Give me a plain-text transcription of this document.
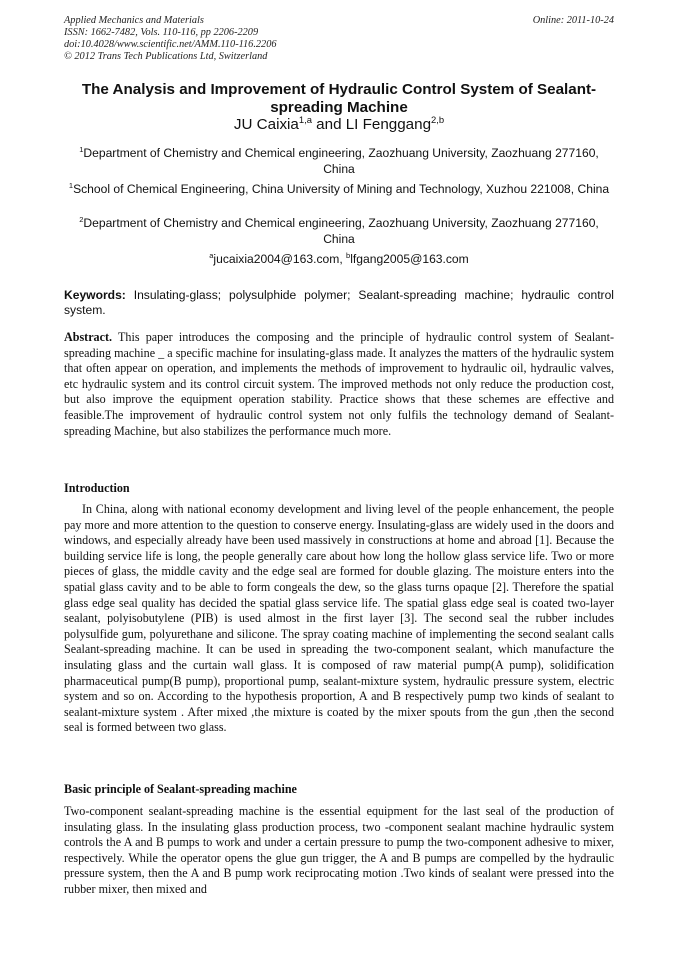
Applied Mechanics and Materials
ISSN: 1662-7482, Vols. 110-116, pp 2206-2209
doi:10.4028/www.scientific.net/AMM.110-116.2206
© 2012 Trans Tech Publications Ltd, Switzerland
Online: 2011-10-24
The Analysis and Improvement of Hydraulic Control System of Sealant-spreading Machine
JU Caixia$^{1,a}$ and LI Fenggang$^{2,b}$
$^1$Department of Chemistry and Chemical engineering, Zaozhuang University, Zaozhuang 277160, China
$^1$School of Chemical Engineering, China University of Mining and Technology, Xuzhou 221008, China
$^2$Department of Chemistry and Chemical engineering, Zaozhuang University, Zaozhuang 277160, China
$^a$jucaixia2004@163.com, $^b$lfgang2005@163.com
Keywords: Insulating-glass; polysulphide polymer; Sealant-spreading machine; hydraulic control system.
Abstract. This paper introduces the composing and the principle of hydraulic control system of Sealant- spreading machine _ a specific machine for insulating-glass made. It analyzes the matters of the hydraulic system that often appear on operation, and implements the methods of improvement to hydraulic oil, hydraulic valves, etc hydraulic system and its control circuit system. The improved methods not only reduce the production cost, but also improve the equipment operation stability. Practice shows that these schemes are effective and feasible.The improvement of hydraulic control system not only fulfils the technology demand of Sealant-spreading Machine, but also stabilizes the performance much more.
Introduction
In China, along with national economy development and living level of the people enhancement, the people pay more and more attention to the question to conserve energy. Insulating-glass are widely used in the doors and windows, and especially already have been used massively in constructions at home and abroad [1]. Because the building service life is long, the people generally care about how long the hollow glass service life. Two or more pieces of glass, the middle cavity and the edge seal are formed for double glazing. The moisture enters into the spatial glass cavity and to be able to form congeals the dew, so the glass turns opaque [2]. Therefore the spatial glass edge seal quality has decided the spatial glass service life. The spatial glass edge seal is coated two-layer sealant, polyisobutylene (PIB) is used almost in the first layer [3]. The second seal the rubber includes polysulfide gum, polyurethane and silicone. The spray coating machine of implementing the second sealant calls Sealant-spreading machine. It can be used in spreading the two-component sealant, which manufacture the insulating glass and the curtain wall glass. It is composed of raw material pump(A pump), solidification pharmaceutical pump(B pump), proportional pump, sealant-mixture system, hydraulic pressure system, electric system and so on. According to the hypothesis proportion, A and B respectively pump two kinds of sealant to sealant-mixture system . After mixed ,the mixture is coated by the mixer spouts from the gun ,then the second seal is formed between two glass.
Basic principle of Sealant-spreading machine
Two-component sealant-spreading machine is the essential equipment for the last seal of the production of insulating glass. In the insulating glass production process, two -component sealant machine hydraulic system controls the A and B pumps to work and under a certain pressure to pump the two-component adhesive to mixer, respectively. While the operator opens the glue gun trigger, the A and B pumps are compelled by the hydraulic pressure system, then the A and B pump work reciprocating motion .Two kinds of sealant were pressed into the rubber mixer, then mixed and
